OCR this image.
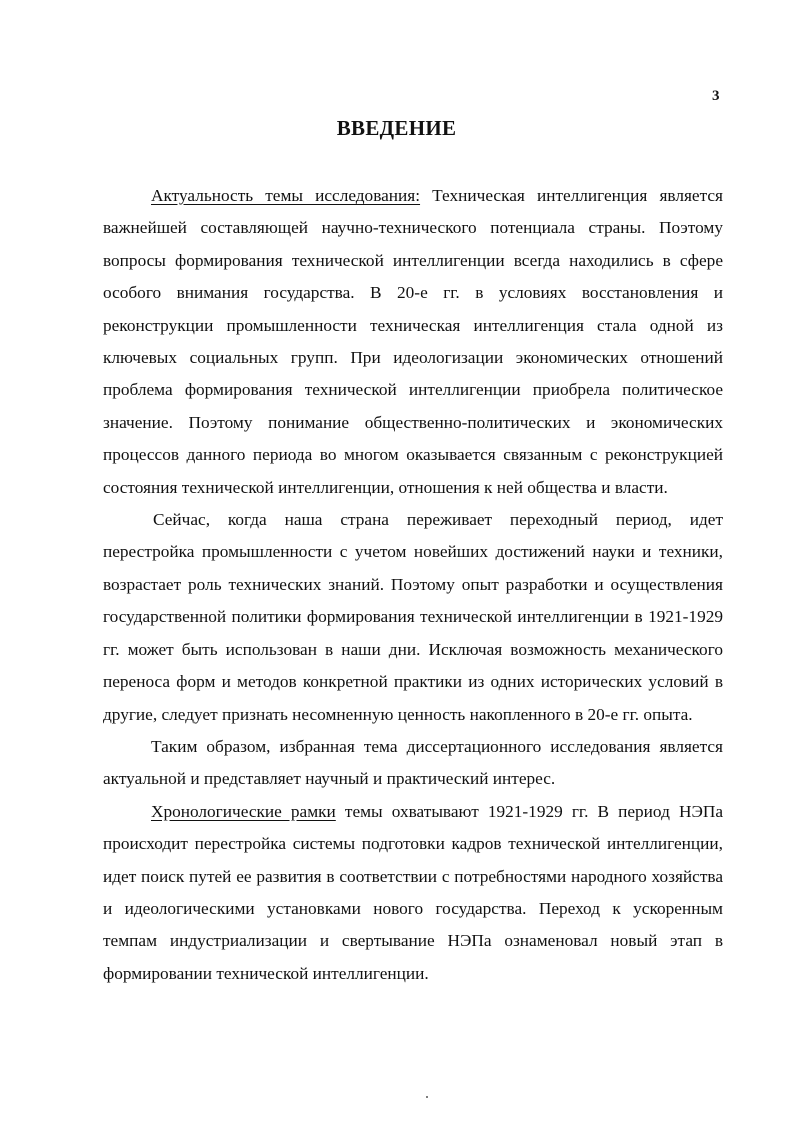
3
ВВЕДЕНИЕ

Актуальность темы исследования: Техническая интеллигенция является важнейшей составляющей научно-технического потенциала страны. Поэтому вопросы формирования технической интеллигенции всегда находились в сфере особого внимания государства. В 20-е гг. в условиях восстановления и реконструкции промышленности техническая интеллигенция стала одной из ключевых социальных групп. При идеологизации экономических отношений проблема формирования технической интеллигенции приобрела политическое значение. Поэтому понимание общественно-политических и экономических процессов данного периода во многом оказывается связанным с реконструкцией состояния технической интеллигенции, отношения к ней общества и власти.

Сейчас, когда наша страна переживает переходный период, идет перестройка промышленности с учетом новейших достижений науки и техники, возрастает роль технических знаний. Поэтому опыт разработки и осуществления государственной политики формирования технической интеллигенции в 1921-1929 гг. может быть использован в наши дни. Исключая возможность механического переноса форм и методов конкретной практики из одних исторических условий в другие, следует признать несомненную ценность накопленного в 20-е гг. опыта.

Таким образом, избранная тема диссертационного исследования является актуальной и представляет научный и практический интерес.

Хронологические рамки темы охватывают 1921-1929 гг. В период НЭПа происходит перестройка системы подготовки кадров технической интеллигенции, идет поиск путей ее развития в соответствии с потребностями народного хозяйства и идеологическими установками нового государства. Переход к ускоренным темпам индустриализации и свертывание НЭПа ознаменовал новый этап в формировании технической интеллигенции.
